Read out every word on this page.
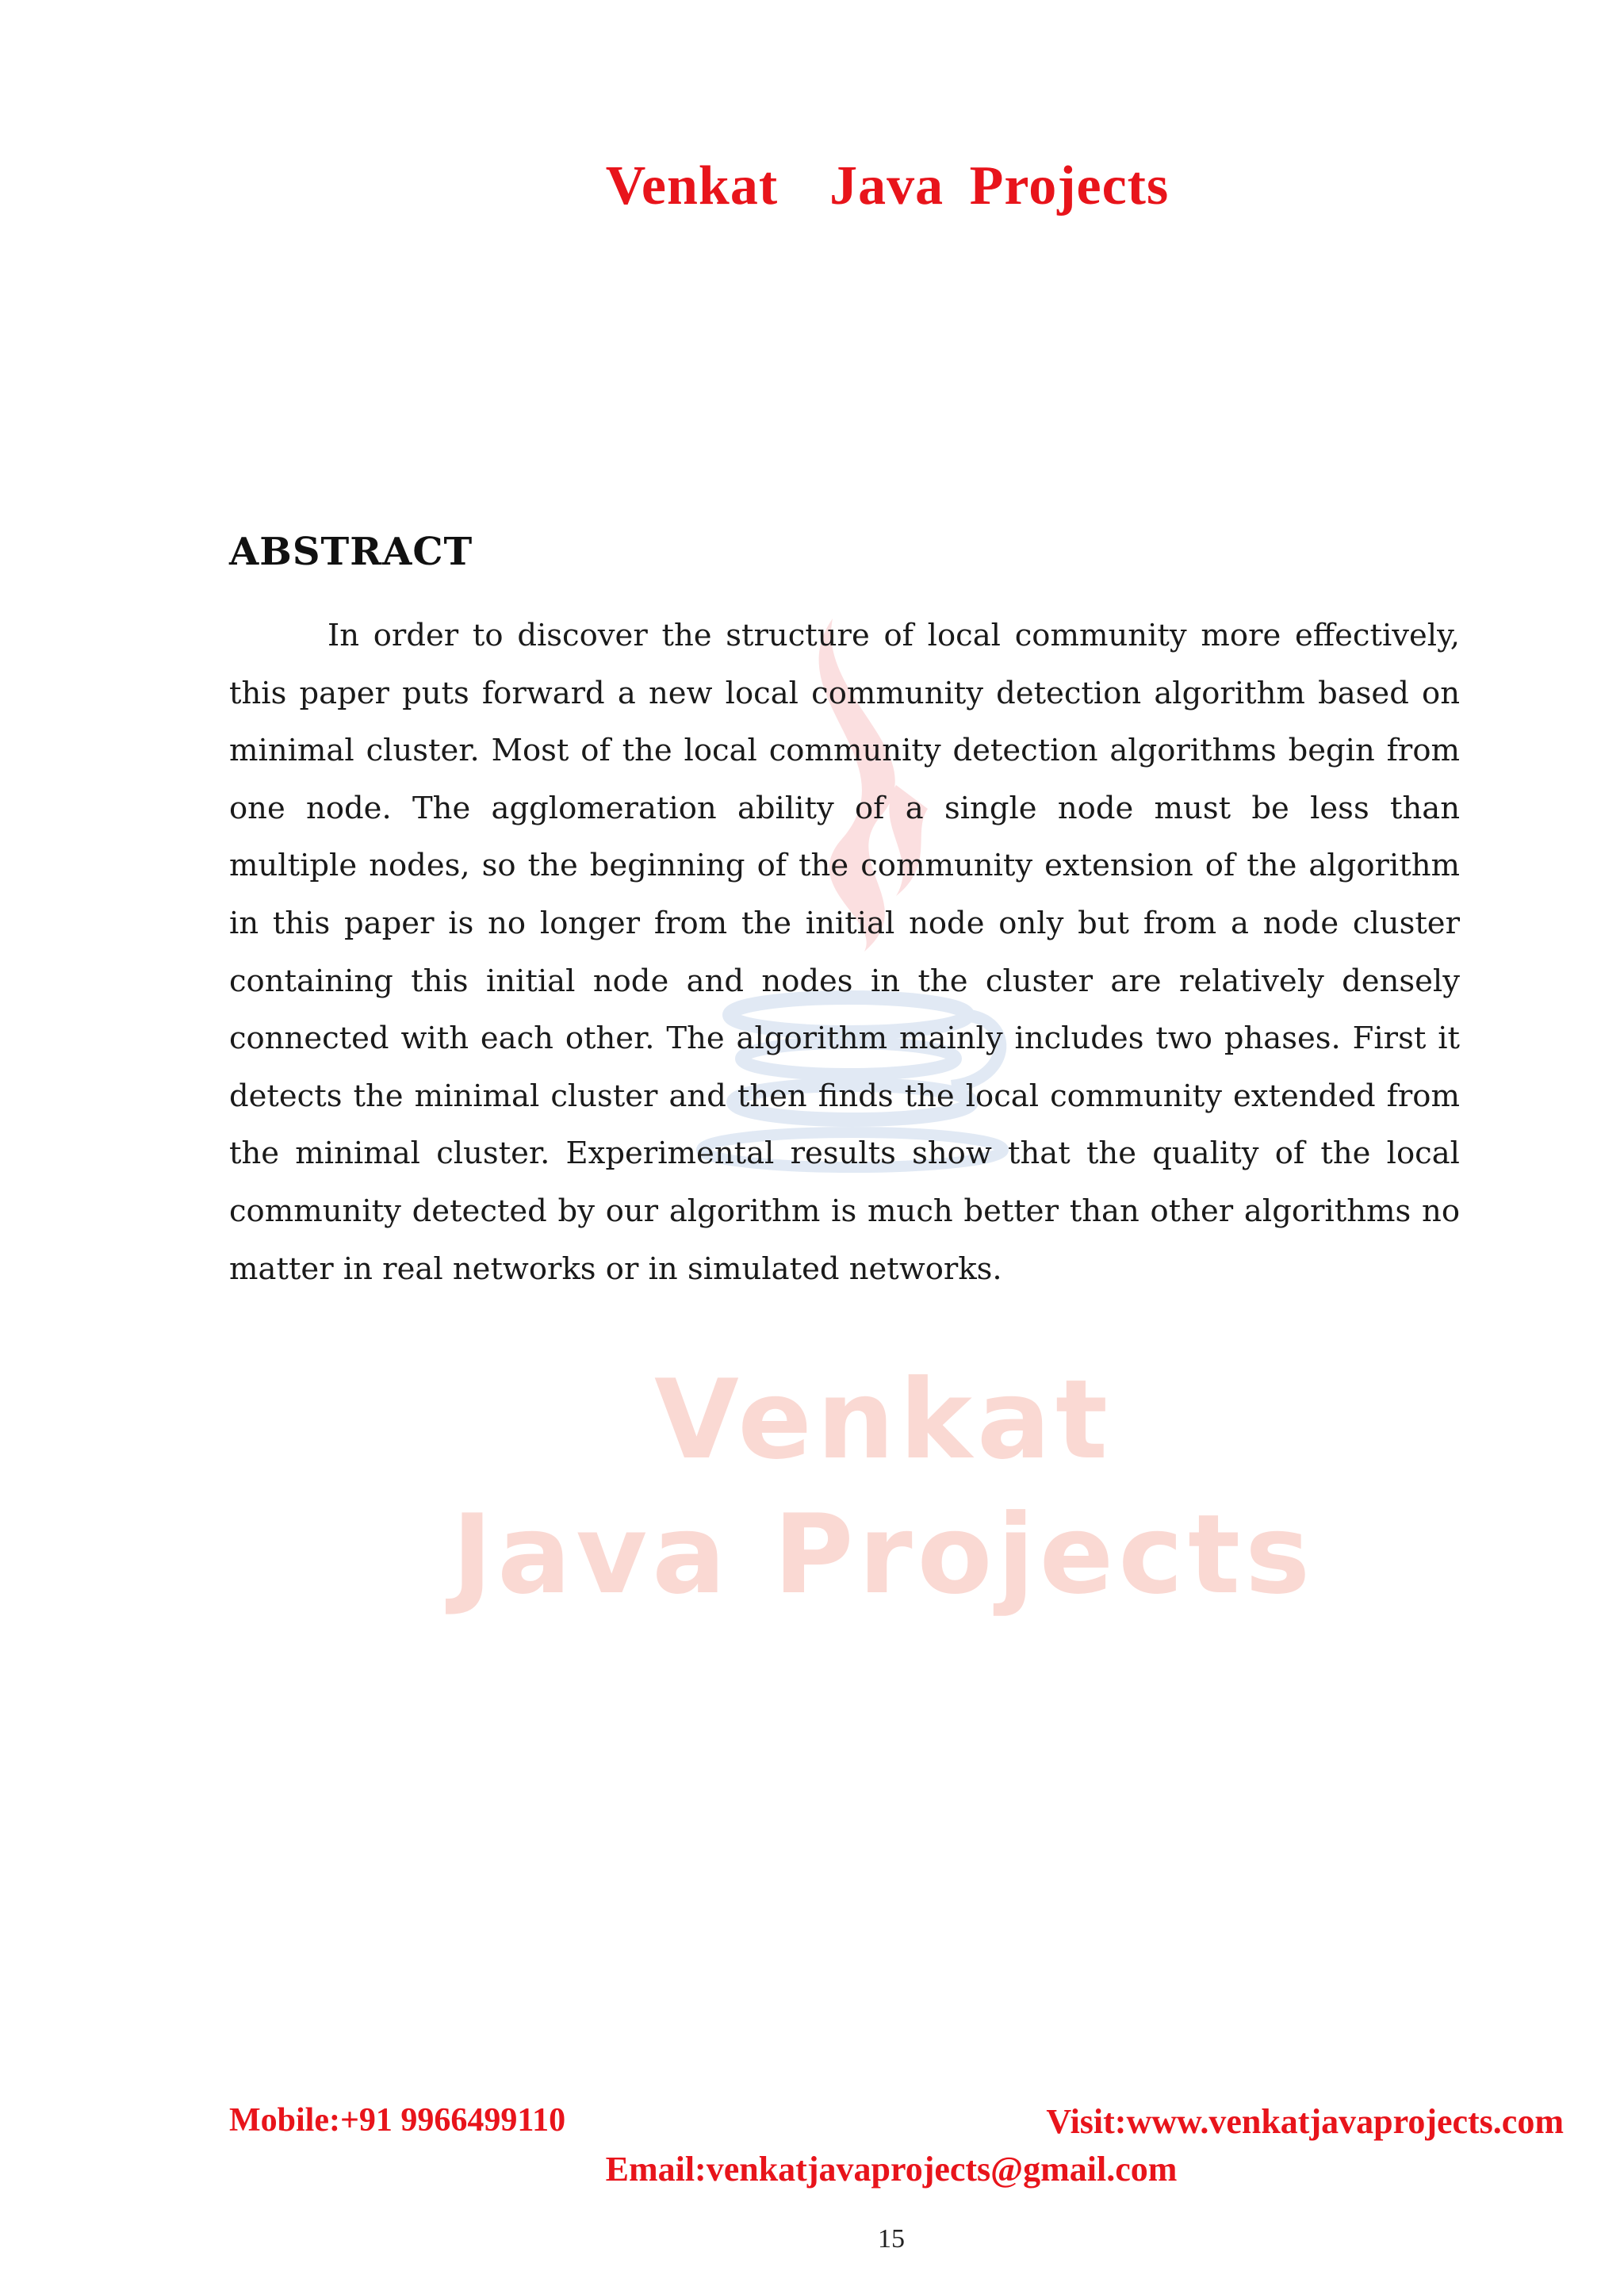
Venkat
Java Projects
Venkat  Java Projects
ABSTRACT

In order to discover the structure of local community more effectively, this paper puts forward a new local community detection algorithm based on minimal cluster. Most of the local community detection algorithms begin from one node. The agglomeration ability of a single node must be less than multiple nodes, so the beginning of the community extension of the algorithm in this paper is no longer from the initial node only but from a node cluster containing this initial node and nodes in the cluster are relatively densely connected with each other. The algorithm mainly includes two phases. First it detects the minimal cluster and then finds the local community extended from the minimal cluster. Experimental results show that the quality of the local community detected by our algorithm is much better than other algorithms no matter in real networks or in simulated networks.

Mobile:+91 9966499110	Visit:www.venkatjavaprojects.com
Email:venkatjavaprojects@gmail.com
15
